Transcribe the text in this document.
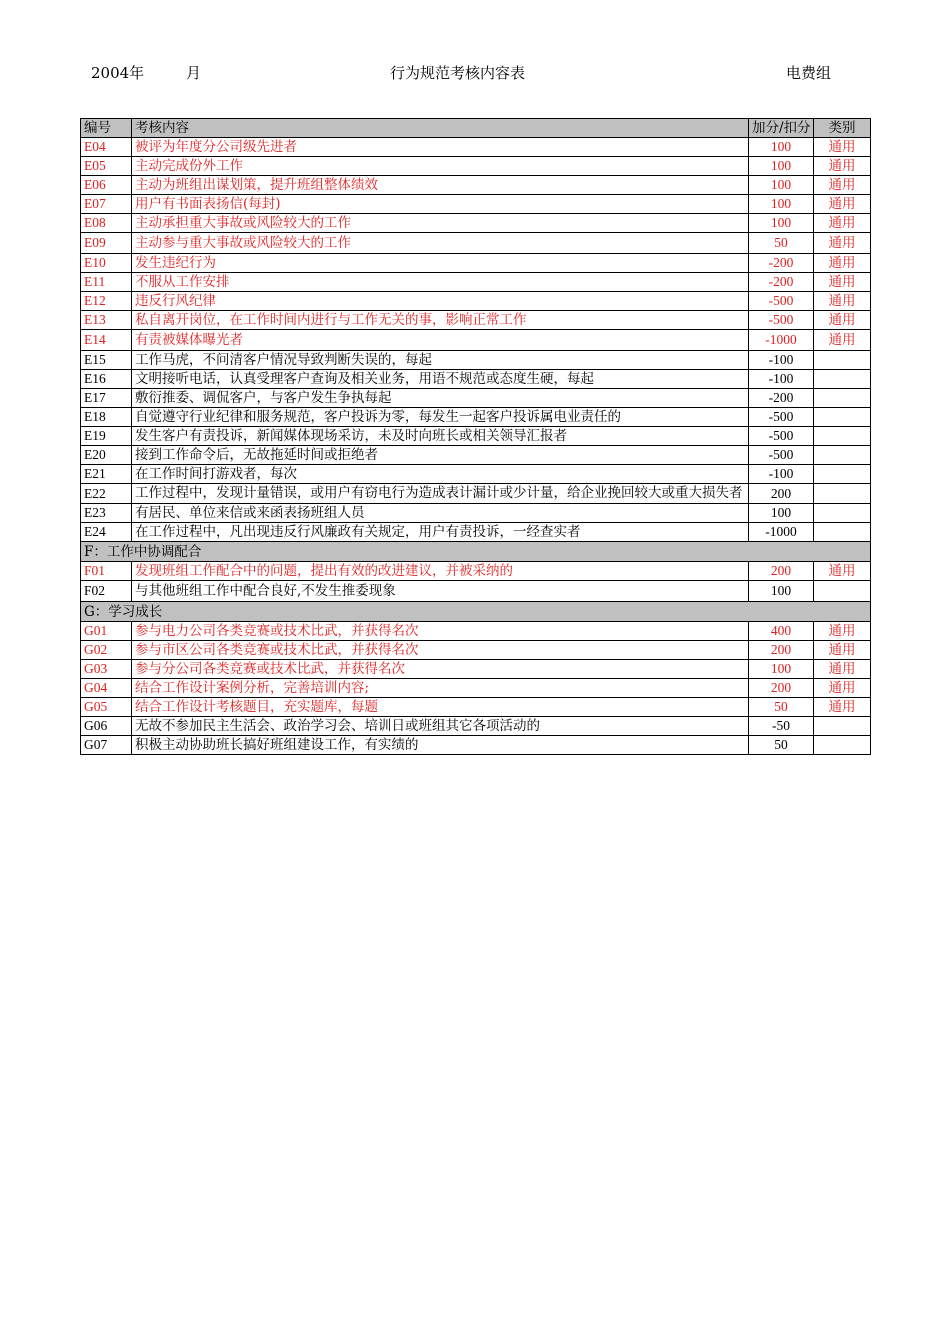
2004年	月	行为规范考核内容表	电费组
编号	考核内容	加分/扣分	类别
E04	被评为年度分公司级先进者	100	通用
E05	主动完成份外工作	100	通用
E06	主动为班组出谋划策，提升班组整体绩效	100	通用
E07	用户有书面表扬信(每封)	100	通用
E08	主动承担重大事故或风险较大的工作	100	通用
E09	主动参与重大事故或风险较大的工作	50	通用
E10	发生违纪行为	-200	通用
E11	不服从工作安排	-200	通用
E12	违反行风纪律	-500	通用
E13	私自离开岗位，在工作时间内进行与工作无关的事，影响正常工作	-500	通用
E14	有责被媒体曝光者	-1000	通用
E15	工作马虎，不问清客户情况导致判断失误的，每起	-100	
E16	文明接听电话，认真受理客户查询及相关业务，用语不规范或态度生硬，每起	-100	
E17	敷衍推委、调侃客户，与客户发生争执每起	-200	
E18	自觉遵守行业纪律和服务规范，客户投诉为零，每发生一起客户投诉属电业责任的	-500	
E19	发生客户有责投诉，新闻媒体现场采访，未及时向班长或相关领导汇报者	-500	
E20	接到工作命令后，无故拖延时间或拒绝者	-500	
E21	在工作时间打游戏者，每次	-100	
E22	工作过程中，发现计量错误，或用户有窃电行为造成表计漏计或少计量，给企业挽回较大或重大损失者	200	
E23	有居民、单位来信或来函表扬班组人员	100	
E24	在工作过程中，凡出现违反行风廉政有关规定，用户有责投诉，一经查实者	-1000	
F：工作中协调配合			
F01	发现班组工作配合中的问题，提出有效的改进建议，并被采纳的	200	通用
F02	与其他班组工作中配合良好,不发生推委现象	100	
G：学习成长			
G01	参与电力公司各类竞赛或技术比武，并获得名次	400	通用
G02	参与市区公司各类竞赛或技术比武，并获得名次	200	通用
G03	参与分公司各类竞赛或技术比武，并获得名次	100	通用
G04	结合工作设计案例分析，完善培训内容;	200	通用
G05	结合工作设计考核题目，充实题库，每题	50	通用
G06	无故不参加民主生活会、政治学习会、培训日或班组其它各项活动的	-50	
G07	积极主动协助班长搞好班组建设工作，有实绩的	50	
